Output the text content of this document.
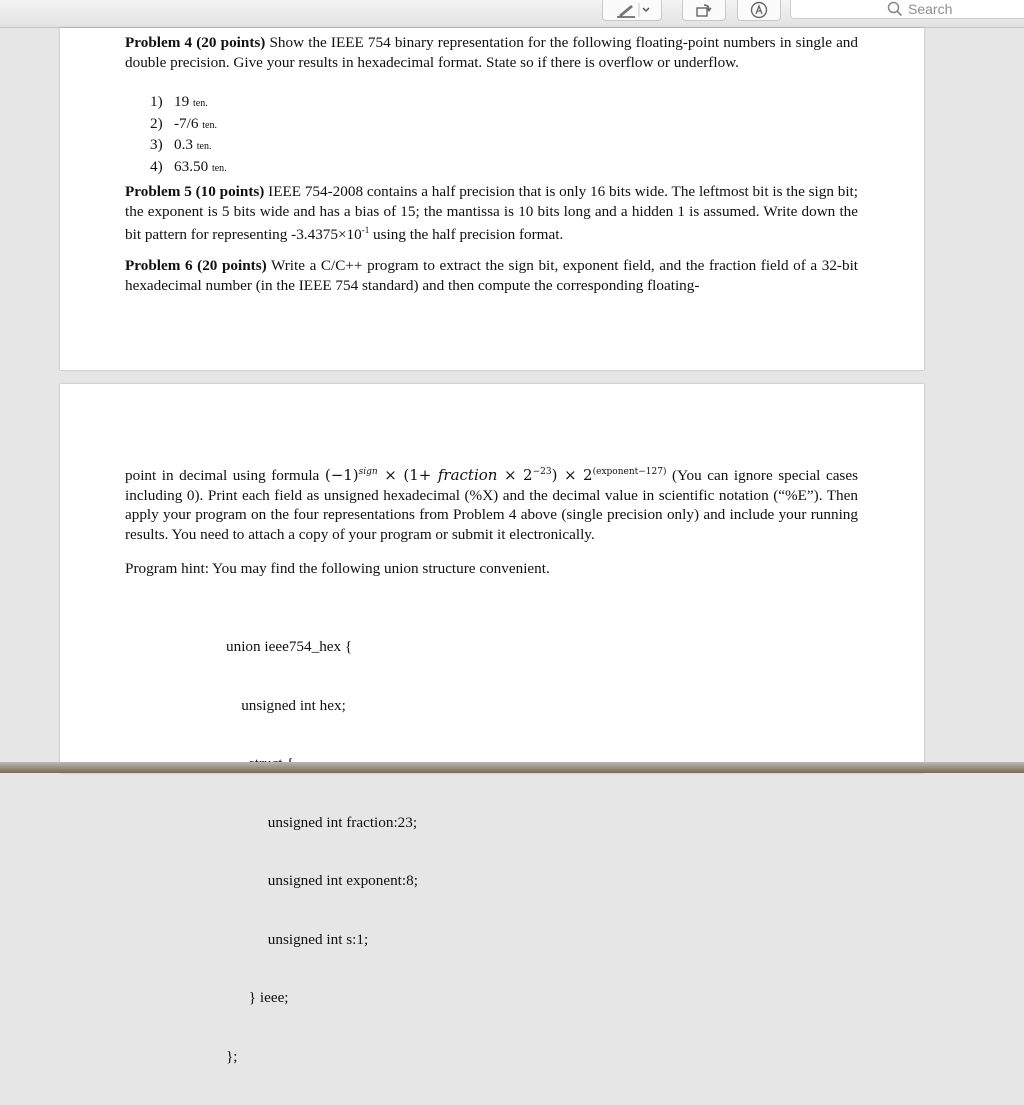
Search
Problem 4 (20 points) Show the IEEE 754 binary representation for the following floating-point numbers in single and double precision. Give your results in hexadecimal format. State so if there is overflow or underflow.
1) 19 ten.
2) -7/6 ten.
3) 0.3 ten.
4) 63.50 ten.
Problem 5 (10 points) IEEE 754-2008 contains a half precision that is only 16 bits wide. The leftmost bit is the sign bit; the exponent is 5 bits wide and has a bias of 15; the mantissa is 10 bits long and a hidden 1 is assumed. Write down the bit pattern for representing $-3.4375\times 10^{-1}$ using the half precision format.
Problem 6 (20 points) Write a C/C++ program to extract the sign bit, exponent field, and the fraction field of a 32-bit hexadecimal number (in the IEEE 754 standard) and then compute the corresponding floating-
point in decimal using formula $(-1)^{sign} \times (1+$ fraction × $2^{-23}) \times 2^{(exponent-127)}$ (You can ignore special cases including 0). Print each field as unsigned hexadecimal (%X) and the decimal value in scientific notation (“%E”). Then apply your program on the four representations from Problem 4 above (single precision only) and include your running results. You need to attach a copy of your program or submit it electronically.
Program hint: You may find the following union structure convenient.

union ieee754_hex {

unsigned int hex;

unsigned int fraction:23;

unsigned int exponent:8;

unsigned int s:1;

} ieee;

};
